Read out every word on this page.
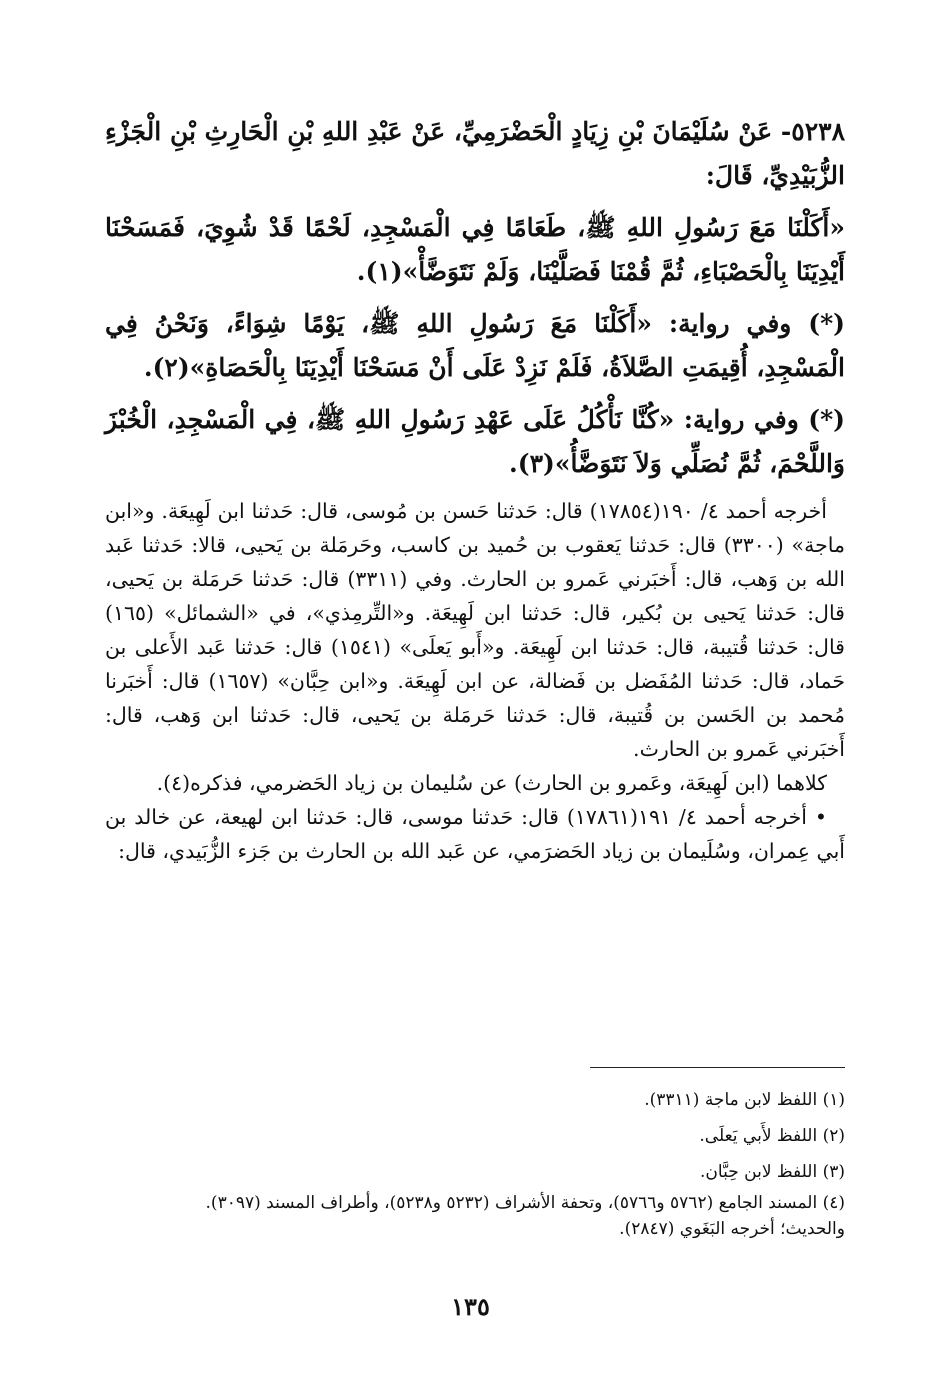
٥٢٣٨- عَنْ سُلَيْمَانَ بْنِ زِيَادٍ الْحَضْرَمِيِّ، عَنْ عَبْدِ اللهِ بْنِ الْحَارِثِ بْنِ الْجَزْءِ الزُّبَيْدِيِّ، قَالَ:

«أَكَلْنَا مَعَ رَسُولِ اللهِ ﷺ، طَعَامًا فِي الْمَسْجِدِ، لَحْمًا قَدْ شُوِيَ، فَمَسَحْنَا أَيْدِيَنَا بِالْحَصْبَاءِ، ثُمَّ قُمْنَا فَصَلَّيْنَا، وَلَمْ نَتَوَضَّأْ»(١).

(*) وفي رواية: «أَكَلْنَا مَعَ رَسُولِ اللهِ ﷺ، يَوْمًا شِوَاءً، وَنَحْنُ فِي الْمَسْجِدِ، أُقِيمَتِ الصَّلاَةُ، فَلَمْ نَزِدْ عَلَى أَنْ مَسَحْنَا أَيْدِيَنَا بِالْحَصَاةِ»(٢).

(*) وفي رواية: «كُنَّا نَأْكُلُ عَلَى عَهْدِ رَسُولِ اللهِ ﷺ، فِي الْمَسْجِدِ، الْخُبْزَ وَاللَّحْمَ، ثُمَّ نُصَلِّي وَلاَ نَتَوَضَّأُ»(٣).

أخرجه أحمد ٤/ ١٩٠(١٧٨٥٤) قال: حَدثنا حَسن بن مُوسى، قال: حَدثنا ابن لَهِيعَة. و«ابن ماجة» (٣٣٠٠) قال: حَدثنا يَعقوب بن حُميد بن كاسب، وحَرمَلة بن يَحيى، قالا: حَدثنا عَبد الله بن وَهب، قال: أَخبَرني عَمرو بن الحارث. وفي (٣٣١١) قال: حَدثنا حَرمَلة بن يَحيى، قال: حَدثنا يَحيى بن بُكير، قال: حَدثنا ابن لَهِيعَة. و«التِّرمِذي»، في «الشمائل» (١٦٥) قال: حَدثنا قُتيبة، قال: حَدثنا ابن لَهِيعَة. و«أَبو يَعلَى» (١٥٤١) قال: حَدثنا عَبد الأَعلى بن حَماد، قال: حَدثنا المُفَضل بن فَضالة، عن ابن لَهِيعَة. و«ابن حِبَّان» (١٦٥٧) قال: أَخبَرنا مُحمد بن الحَسن بن قُتيبة، قال: حَدثنا حَرمَلة بن يَحيى، قال: حَدثنا ابن وَهب، قال: أَخبَرني عَمرو بن الحارث.

كلاهما (ابن لَهِيعَة، وعَمرو بن الحارث) عن سُليمان بن زياد الحَضرمي، فذكره(٤).

• أخرجه أحمد ٤/ ١٩١(١٧٨٦١) قال: حَدثنا موسى، قال: حَدثنا ابن لهيعة، عن خالد بن أَبي عِمران، وسُلَيمان بن زياد الحَضرَمي، عن عَبد الله بن الحارث بن جَزء الزُّبَيدي، قال:

(١) اللفظ لابن ماجة (٣٣١١).

(٢) اللفظ لأَبي يَعلَى.

(٣) اللفظ لابن حِبَّان.

(٤) المسند الجامع (٥٧٦٢ و٥٧٦٦)، وتحفة الأشراف (٥٢٣٢ و٥٢٣٨)، وأطراف المسند (٣٠٩٧).

والحديث؛ أخرجه البَغَوي (٢٨٤٧).

١٣٥
